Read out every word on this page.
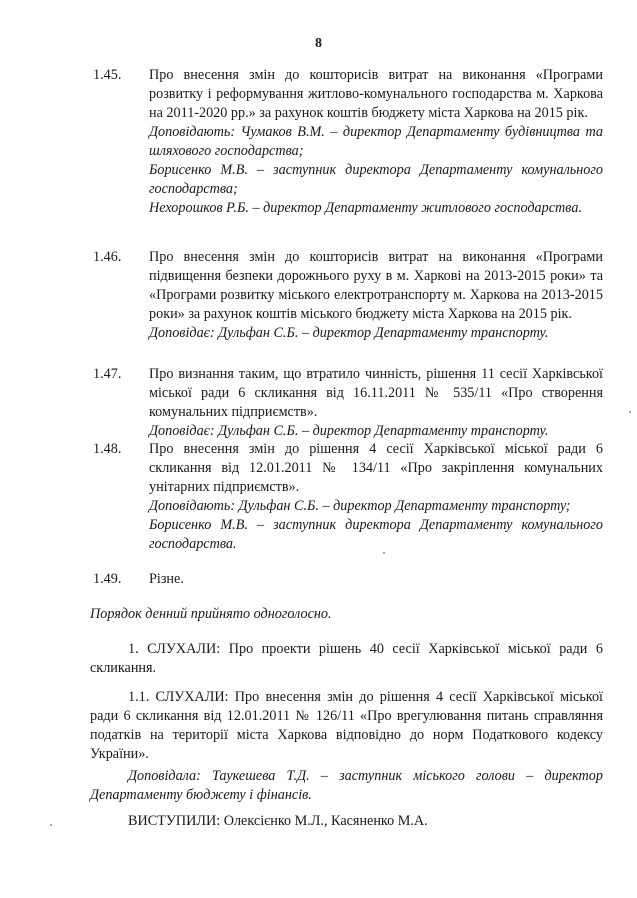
8
1.45.	Про внесення змін до кошторисів витрат на виконання «Програми розвитку і реформування житлово-комунального господарства м. Харкова на 2011-2020 рр.» за рахунок коштів бюджету міста Харкова на 2015 рік.

Доповідають: Чумаков В.М. – директор Департаменту будівництва та шляхового господарства;

Борисенко М.В. – заступник директора Департаменту комунального господарства;

Нехорошков Р.Б. – директор Департаменту житлового господарства.

1.46.	Про внесення змін до кошторисів витрат на виконання «Програми підвищення безпеки дорожнього руху в м. Харкові на 2013-2015 роки» та «Програми розвитку міського електротранспорту м. Харкова на 2013-2015 роки» за рахунок коштів міського бюджету міста Харкова на 2015 рік.

Доповідає: Дульфан С.Б. – директор Департаменту транспорту.

1.47.	Про визнання таким, що втратило чинність, рішення 11 сесії Харківської міської ради 6 скликання від 16.11.2011 № 535/11 «Про створення комунальних підприємств».

Доповідає: Дульфан С.Б. – директор Департаменту транспорту.

1.48.	Про внесення змін до рішення 4 сесії Харківської міської ради 6 скликання від 12.01.2011 № 134/11 «Про закріплення комунальних унітарних підприємств».

Доповідають: Дульфан С.Б. – директор Департаменту транспорту;

Борисенко М.В. – заступник директора Департаменту комунального господарства.

1.49.	Різне.

Порядок денний прийнято одноголосно.

1. СЛУХАЛИ: Про проекти рішень 40 сесії Харківської міської ради 6 скликання.

1.1. СЛУХАЛИ: Про внесення змін до рішення 4 сесії Харківської міської ради 6 скликання від 12.01.2011 № 126/11 «Про врегулювання питань справляння податків на території міста Харкова відповідно до норм Податкового кодексу України».

Доповідала: Таукешева Т.Д. – заступник міського голови – директор Департаменту бюджету і фінансів.

ВИСТУПИЛИ: Олексієнко М.Л., Касяненко М.А.
